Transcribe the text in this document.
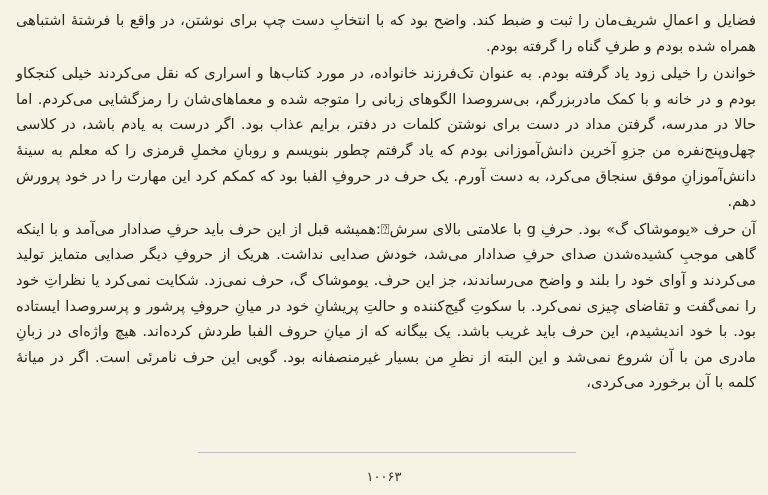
فضایل و اعمالِ شریف‌مان را ثبت و ضبط کند. واضح بود که با انتخابِ دست چپ برای نوشتن، در واقع با فرشتهٔ اشتباهی همراه شده بودم و طرفِ گناه را گرفته بودم.

خواندن را خیلی زود یاد گرفته بودم. به عنوان تک‌فرزند خانواده، در مورد کتاب‌ها و اسراری که نقل می‌کردند خیلی کنجکاو بودم و در خانه و با کمک مادربزرگم، بی‌سروصدا الگوهای زبانی را متوجه شده و معماهای‌شان را رمزگشایی می‌کردم. اما حالا در مدرسه، گرفتن مداد در دست برای نوشتن کلمات در دفتر، برایم عذاب بود. اگر درست به یادم باشد، در کلاسی چهل‌وپنج‌نفره من جزوِ آخرین دانش‌آموزانی بودم که یاد گرفتم چطور بنویسم و روبانِ مخملِ قرمزی را که معلم به سینهٔ دانش‌آموزانِ موفق سنجاق می‌کرد، به دست آورم. یک حرف در حروفِ الفبا بود که کمکم کرد این مهارت را در خود پرورش دهم.

آن حرف «یوموشاک گ» بود. حرفِ g با علامتی بالای سرش⍰:همیشه قبل از این حرف باید حرفِ صدادار می‌آمد و با اینکه گاهی موجبِ کشیده‌شدن صدای حرفِ صدادار می‌شد، خودش صدایی نداشت. هریک از حروفِ دیگر صدایی متمایز تولید می‌کردند و آوای خود را بلند و واضح می‌رساندند، جز این حرف. یوموشاک گ، حرف نمی‌زد. شکایت نمی‌کرد یا نظراتِ خود را نمی‌گفت و تقاضای چیزی نمی‌کرد. با سکوتِ گیج‌کننده و حالتِ پریشانِ خود در میانِ حروفِ پرشور و پرسروصدا ایستاده بود. با خود اندیشیدم، این حرف باید غریب باشد. یک بیگانه که از میانِ حروف الفبا طردش کرده‌اند. هیچ واژه‌ای در زبانِ مادری من با آن شروع نمی‌شد و این البته از نظرِ من بسیار غیرمنصفانه بود. گویی این حرف نامرئی است. اگر در میانهٔ کلمه با آن برخورد می‌کردی،

۱۰۰۶۳
